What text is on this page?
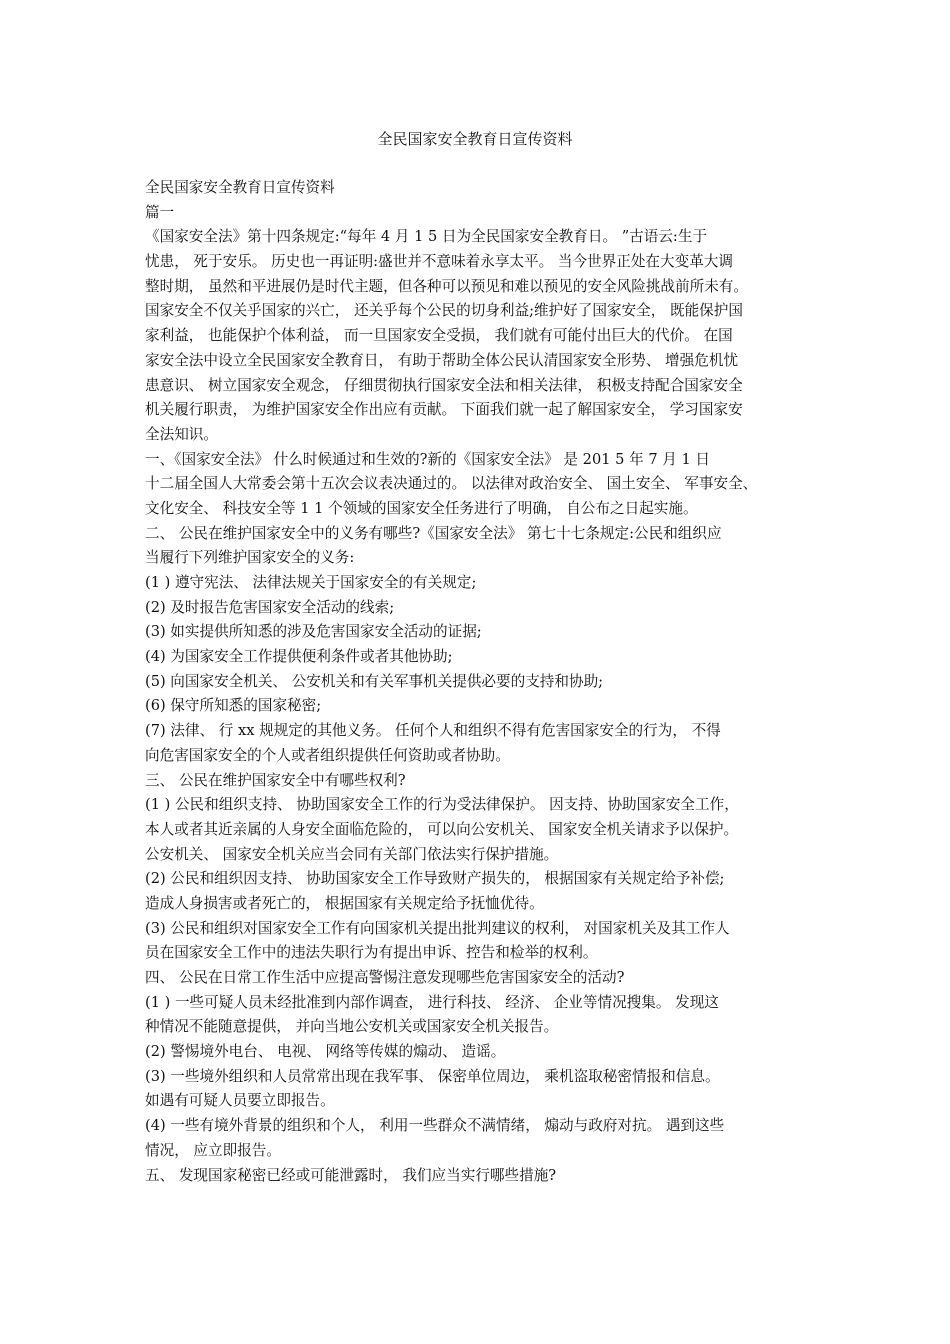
全民国家安全教育日宣传资料
全民国家安全教育日宣传资料
篇一
《国家安全法》第十四条规定:“每年 4 月 1 5 日为全民国家安全教育日。 ”古语云:生于
忧患， 死于安乐。 历史也一再证明:盛世并不意味着永享太平。 当今世界正处在大变革大调
整时期， 虽然和平进展仍是时代主题，但各种可以预见和难以预见的安全风险挑战前所未有。
国家安全不仅关乎国家的兴亡， 还关乎每个公民的切身利益;维护好了国家安全， 既能保护国
家利益， 也能保护个体利益， 而一旦国家安全受损， 我们就有可能付出巨大的代价。 在国
家安全法中设立全民国家安全教育日， 有助于帮助全体公民认清国家安全形势、 增强危机忧
患意识、 树立国家安全观念， 仔细贯彻执行国家安全法和相关法律， 积极支持配合国家安全
机关履行职责， 为维护国家安全作出应有贡献。 下面我们就一起了解国家安全， 学习国家安
全法知识。
一、《国家安全法》 什么时候通过和生效的?新的《国家安全法》 是 201 5 年 7 月 1 日
十二届全国人大常委会第十五次会议表决通过的。 以法律对政治安全、 国土安全、 军事安全、
文化安全、 科技安全等 1 1 个领域的国家安全任务进行了明确， 自公布之日起实施。
二、 公民在维护国家安全中的义务有哪些?《国家安全法》 第七十七条规定:公民和组织应
当履行下列维护国家安全的义务:
(1 ) 遵守宪法、 法律法规关于国家安全的有关规定;
(2) 及时报告危害国家安全活动的线索;
(3) 如实提供所知悉的涉及危害国家安全活动的证据;
(4) 为国家安全工作提供便利条件或者其他协助;
(5) 向国家安全机关、 公安机关和有关军事机关提供必要的支持和协助;
(6) 保守所知悉的国家秘密;
(7) 法律、 行 xx 规规定的其他义务。 任何个人和组织不得有危害国家安全的行为， 不得
向危害国家安全的个人或者组织提供任何资助或者协助。
三、 公民在维护国家安全中有哪些权利?
(1 ) 公民和组织支持、 协助国家安全工作的行为受法律保护。 因支持、协助国家安全工作，
本人或者其近亲属的人身安全面临危险的， 可以向公安机关、 国家安全机关请求予以保护。
公安机关、 国家安全机关应当会同有关部门依法实行保护措施。
(2) 公民和组织因支持、 协助国家安全工作导致财产损失的， 根据国家有关规定给予补偿;
造成人身损害或者死亡的， 根据国家有关规定给予抚恤优待。
(3) 公民和组织对国家安全工作有向国家机关提出批判建议的权利， 对国家机关及其工作人
员在国家安全工作中的违法失职行为有提出申诉、控告和检举的权利。
四、 公民在日常工作生活中应提高警惕注意发现哪些危害国家安全的活动?
(1 ) 一些可疑人员未经批准到内部作调查， 进行科技、 经济、 企业等情况搜集。 发现这
种情况不能随意提供， 并向当地公安机关或国家安全机关报告。
(2) 警惕境外电台、 电视、 网络等传媒的煽动、 造谣。
(3) 一些境外组织和人员常常出现在我军事、 保密单位周边， 乘机盗取秘密情报和信息。
如遇有可疑人员要立即报告。
(4) 一些有境外背景的组织和个人， 利用一些群众不满情绪， 煽动与政府对抗。 遇到这些
情况， 应立即报告。
五、 发现国家秘密已经或可能泄露时， 我们应当实行哪些措施?
